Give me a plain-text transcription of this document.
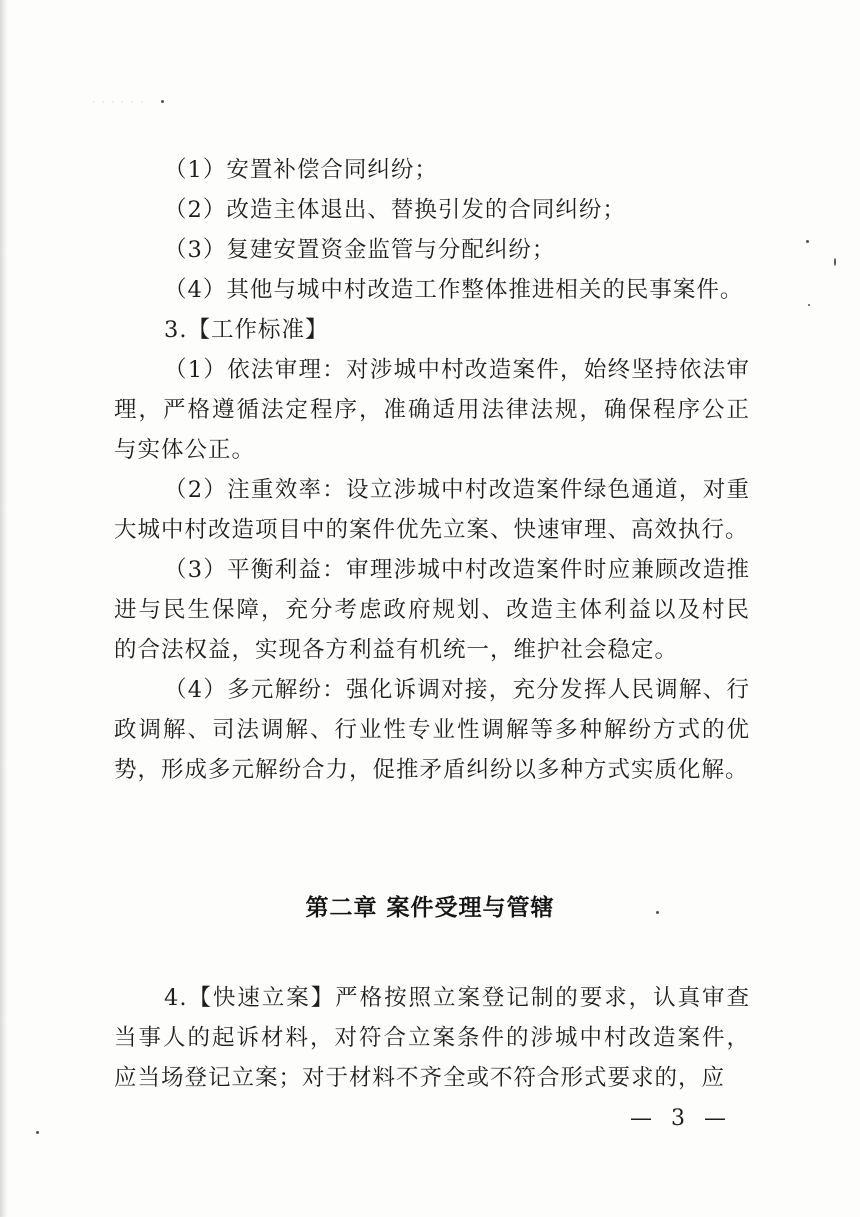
· · · · · ·
（1）安置补偿合同纠纷；
（2）改造主体退出、替换引发的合同纠纷；
（3）复建安置资金监管与分配纠纷；
（4）其他与城中村改造工作整体推进相关的民事案件。
3.【工作标准】
（1）依法审理：对涉城中村改造案件，始终坚持依法审
理，严格遵循法定程序，准确适用法律法规，确保程序公正
与实体公正。
（2）注重效率：设立涉城中村改造案件绿色通道，对重
大城中村改造项目中的案件优先立案、快速审理、高效执行。
（3）平衡利益：审理涉城中村改造案件时应兼顾改造推
进与民生保障，充分考虑政府规划、改造主体利益以及村民
的合法权益，实现各方利益有机统一，维护社会稳定。
（4）多元解纷：强化诉调对接，充分发挥人民调解、行
政调解、司法调解、行业性专业性调解等多种解纷方式的优
势，形成多元解纷合力，促推矛盾纠纷以多种方式实质化解。
第二章 案件受理与管辖
4.【快速立案】严格按照立案登记制的要求，认真审查
当事人的起诉材料，对符合立案条件的涉城中村改造案件，
应当场登记立案；对于材料不齐全或不符合形式要求的，应
— 3 —
